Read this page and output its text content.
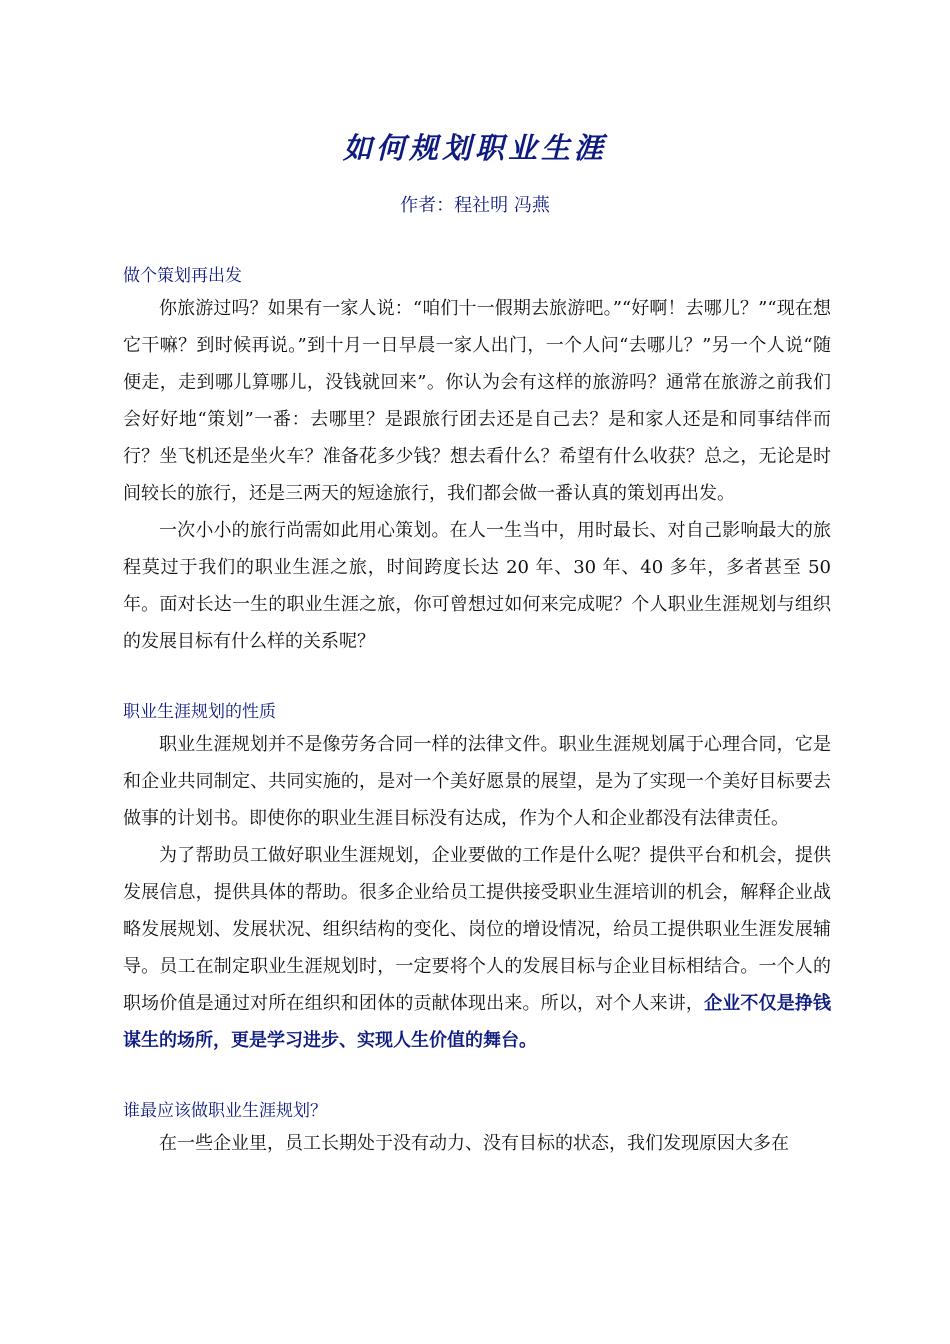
如何规划职业生涯
作者：程社明 冯燕

做个策划再出发

你旅游过吗？如果有一家人说：“咱们十一假期去旅游吧。”“好啊！去哪儿？”“现在想它干嘛？到时候再说。”到十月一日早晨一家人出门，一个人问“去哪儿？”另一个人说“随便走，走到哪儿算哪儿，没钱就回来”。你认为会有这样的旅游吗？通常在旅游之前我们会好好地“策划”一番：去哪里？是跟旅行团去还是自己去？是和家人还是和同事结伴而行？坐飞机还是坐火车？准备花多少钱？想去看什么？希望有什么收获？总之，无论是时间较长的旅行，还是三两天的短途旅行，我们都会做一番认真的策划再出发。

一次小小的旅行尚需如此用心策划。在人一生当中，用时最长、对自己影响最大的旅程莫过于我们的职业生涯之旅，时间跨度长达 20 年、30 年、40 多年，多者甚至 50 年。面对长达一生的职业生涯之旅，你可曾想过如何来完成呢？个人职业生涯规划与组织的发展目标有什么样的关系呢？

职业生涯规划的性质

职业生涯规划并不是像劳务合同一样的法律文件。职业生涯规划属于心理合同，它是和企业共同制定、共同实施的，是对一个美好愿景的展望，是为了实现一个美好目标要去做事的计划书。即使你的职业生涯目标没有达成，作为个人和企业都没有法律责任。

为了帮助员工做好职业生涯规划，企业要做的工作是什么呢？提供平台和机会，提供发展信息，提供具体的帮助。很多企业给员工提供接受职业生涯培训的机会，解释企业战略发展规划、发展状况、组织结构的变化、岗位的增设情况，给员工提供职业生涯发展辅导。员工在制定职业生涯规划时，一定要将个人的发展目标与企业目标相结合。一个人的职场价值是通过对所在组织和团体的贡献体现出来。所以，对个人来讲，企业不仅是挣钱谋生的场所，更是学习进步、实现人生价值的舞台。

谁最应该做职业生涯规划？

在一些企业里，员工长期处于没有动力、没有目标的状态，我们发现原因大多在
